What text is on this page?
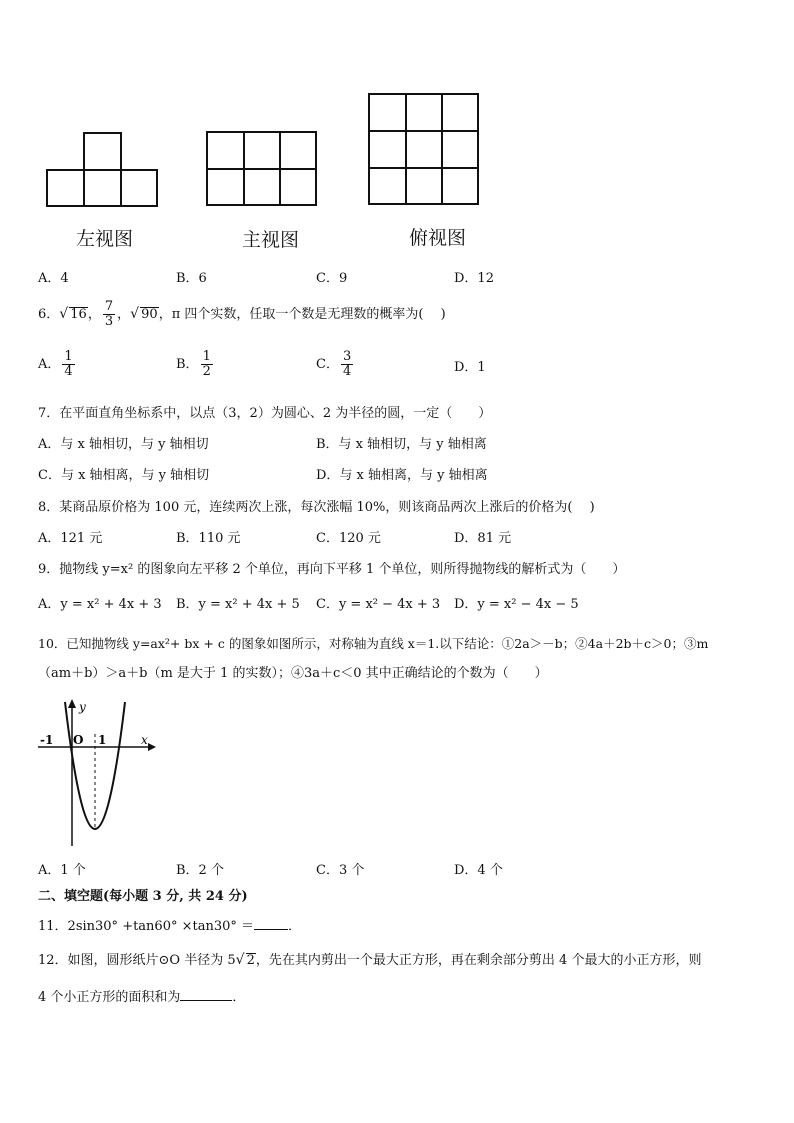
左视图	主视图	俯视图
A．4	B．6	C．9	D．12
6． √ 16， $\frac{7}{3}$ ， √ 90，π 四个实数，任取一个数是无理数的概率为(　 )
A． $\frac{1}{4}$	B． $\frac{1}{2}$	C． $\frac{3}{4}$	D．1
7．在平面直角坐标系中，以点（3，2）为圆心、2 为半径的圆，一定（　　）
A．与 x 轴相切，与 y 轴相切	B．与 x 轴相切，与 y 轴相离
C．与 x 轴相离，与 y 轴相切	D．与 x 轴相离，与 y 轴相离
8．某商品原价格为 100 元，连续两次上涨，每次涨幅 10%，则该商品两次上涨后的价格为(　 )
A．121 元	B．110 元	C．120 元	D．81 元
9．抛物线 y=x² 的图象向左平移 2 个单位，再向下平移 1 个单位，则所得抛物线的解析式为（　　）
A．y = x² + 4x + 3 B．y = x² + 4x + 5 C．y = x² − 4x + 3 D．y = x² − 4x − 5
10．已知抛物线 y=ax²+ bx + c 的图象如图所示，对称轴为直线 x＝1.以下结论：①2a＞－b；②4a＋2b＋c＞0；③m
（am＋b）＞a＋b（m 是大于 1 的实数）；④3a＋c＜0 其中正确结论的个数为（　　）
y
x
O
-1	1
A．1 个	B．2 个	C．3 个	D．4 个
二、填空题(每小题 3 分, 共 24 分)
11．2sin30° +tan60° ×tan30° ＝	．
12．如图，圆形纸片⊙O 半径为 5 √ 2，先在其内剪出一个最大正方形，再在剩余部分剪出 4 个最大的小正方形，则
4 个小正方形的面积和为	．
